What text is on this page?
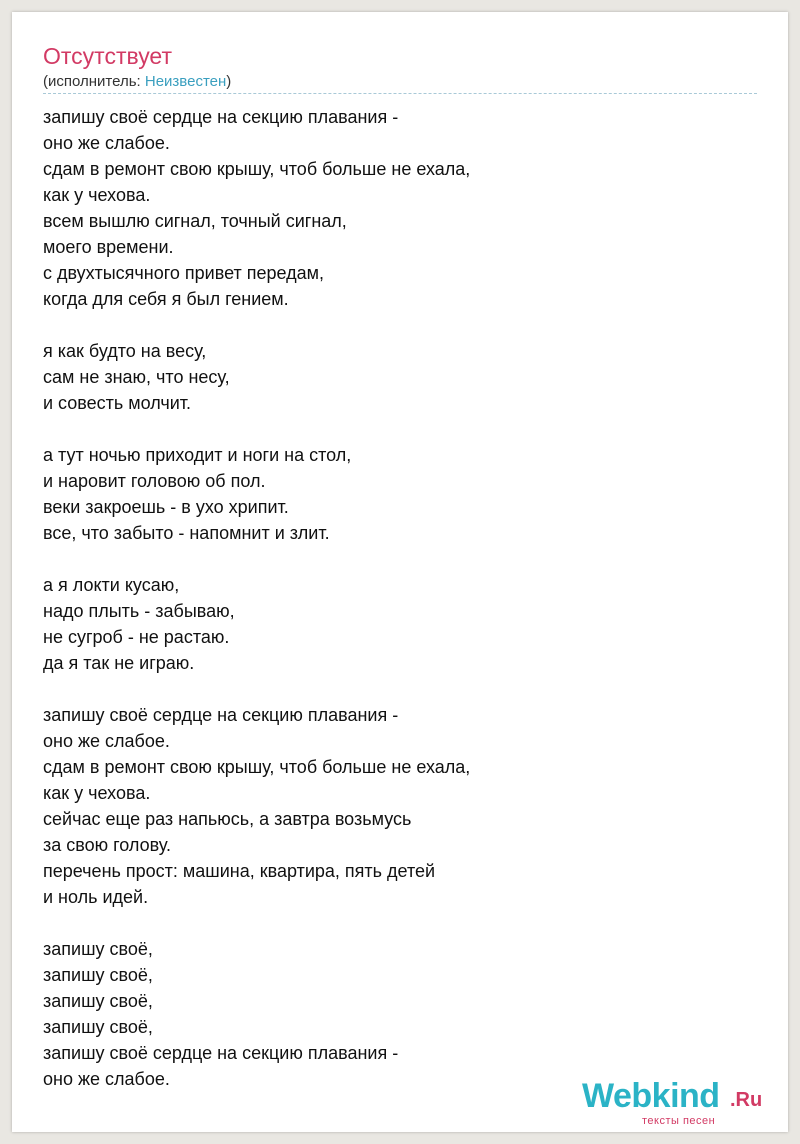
Отсутствует
(исполнитель: Неизвестен)
запишу своё сердце на секцию плавания -
оно же слабое.
сдам в ремонт свою крышу, чтоб больше не ехала,
как у чехова.
всем вышлю сигнал, точный сигнал,
моего времени.
с двухтысячного привет передам,
когда для себя я был гением.
я как будто на весу,
сам не знаю, что несу,
и совесть молчит.
а тут ночью приходит и ноги на стол,
и наровит головою об пол.
веки закроешь - в ухо хрипит.
все, что забыто - напомнит и злит.
а я локти кусаю,
надо плыть - забываю,
не сугроб - не растаю.
да я так не играю.
запишу своё сердце на секцию плавания -
оно же слабое.
сдам в ремонт свою крышу, чтоб больше не ехала,
как у чехова.
сейчас еще раз напьюсь, а завтра возьмусь
за свою голову.
перечень прост: машина, квартира, пять детей
и ноль идей.
запишу своё,
запишу своё,
запишу своё,
запишу своё,
запишу своё сердце на секцию плавания -
оно же слабое.	Webkind .Ru
тексты песен
